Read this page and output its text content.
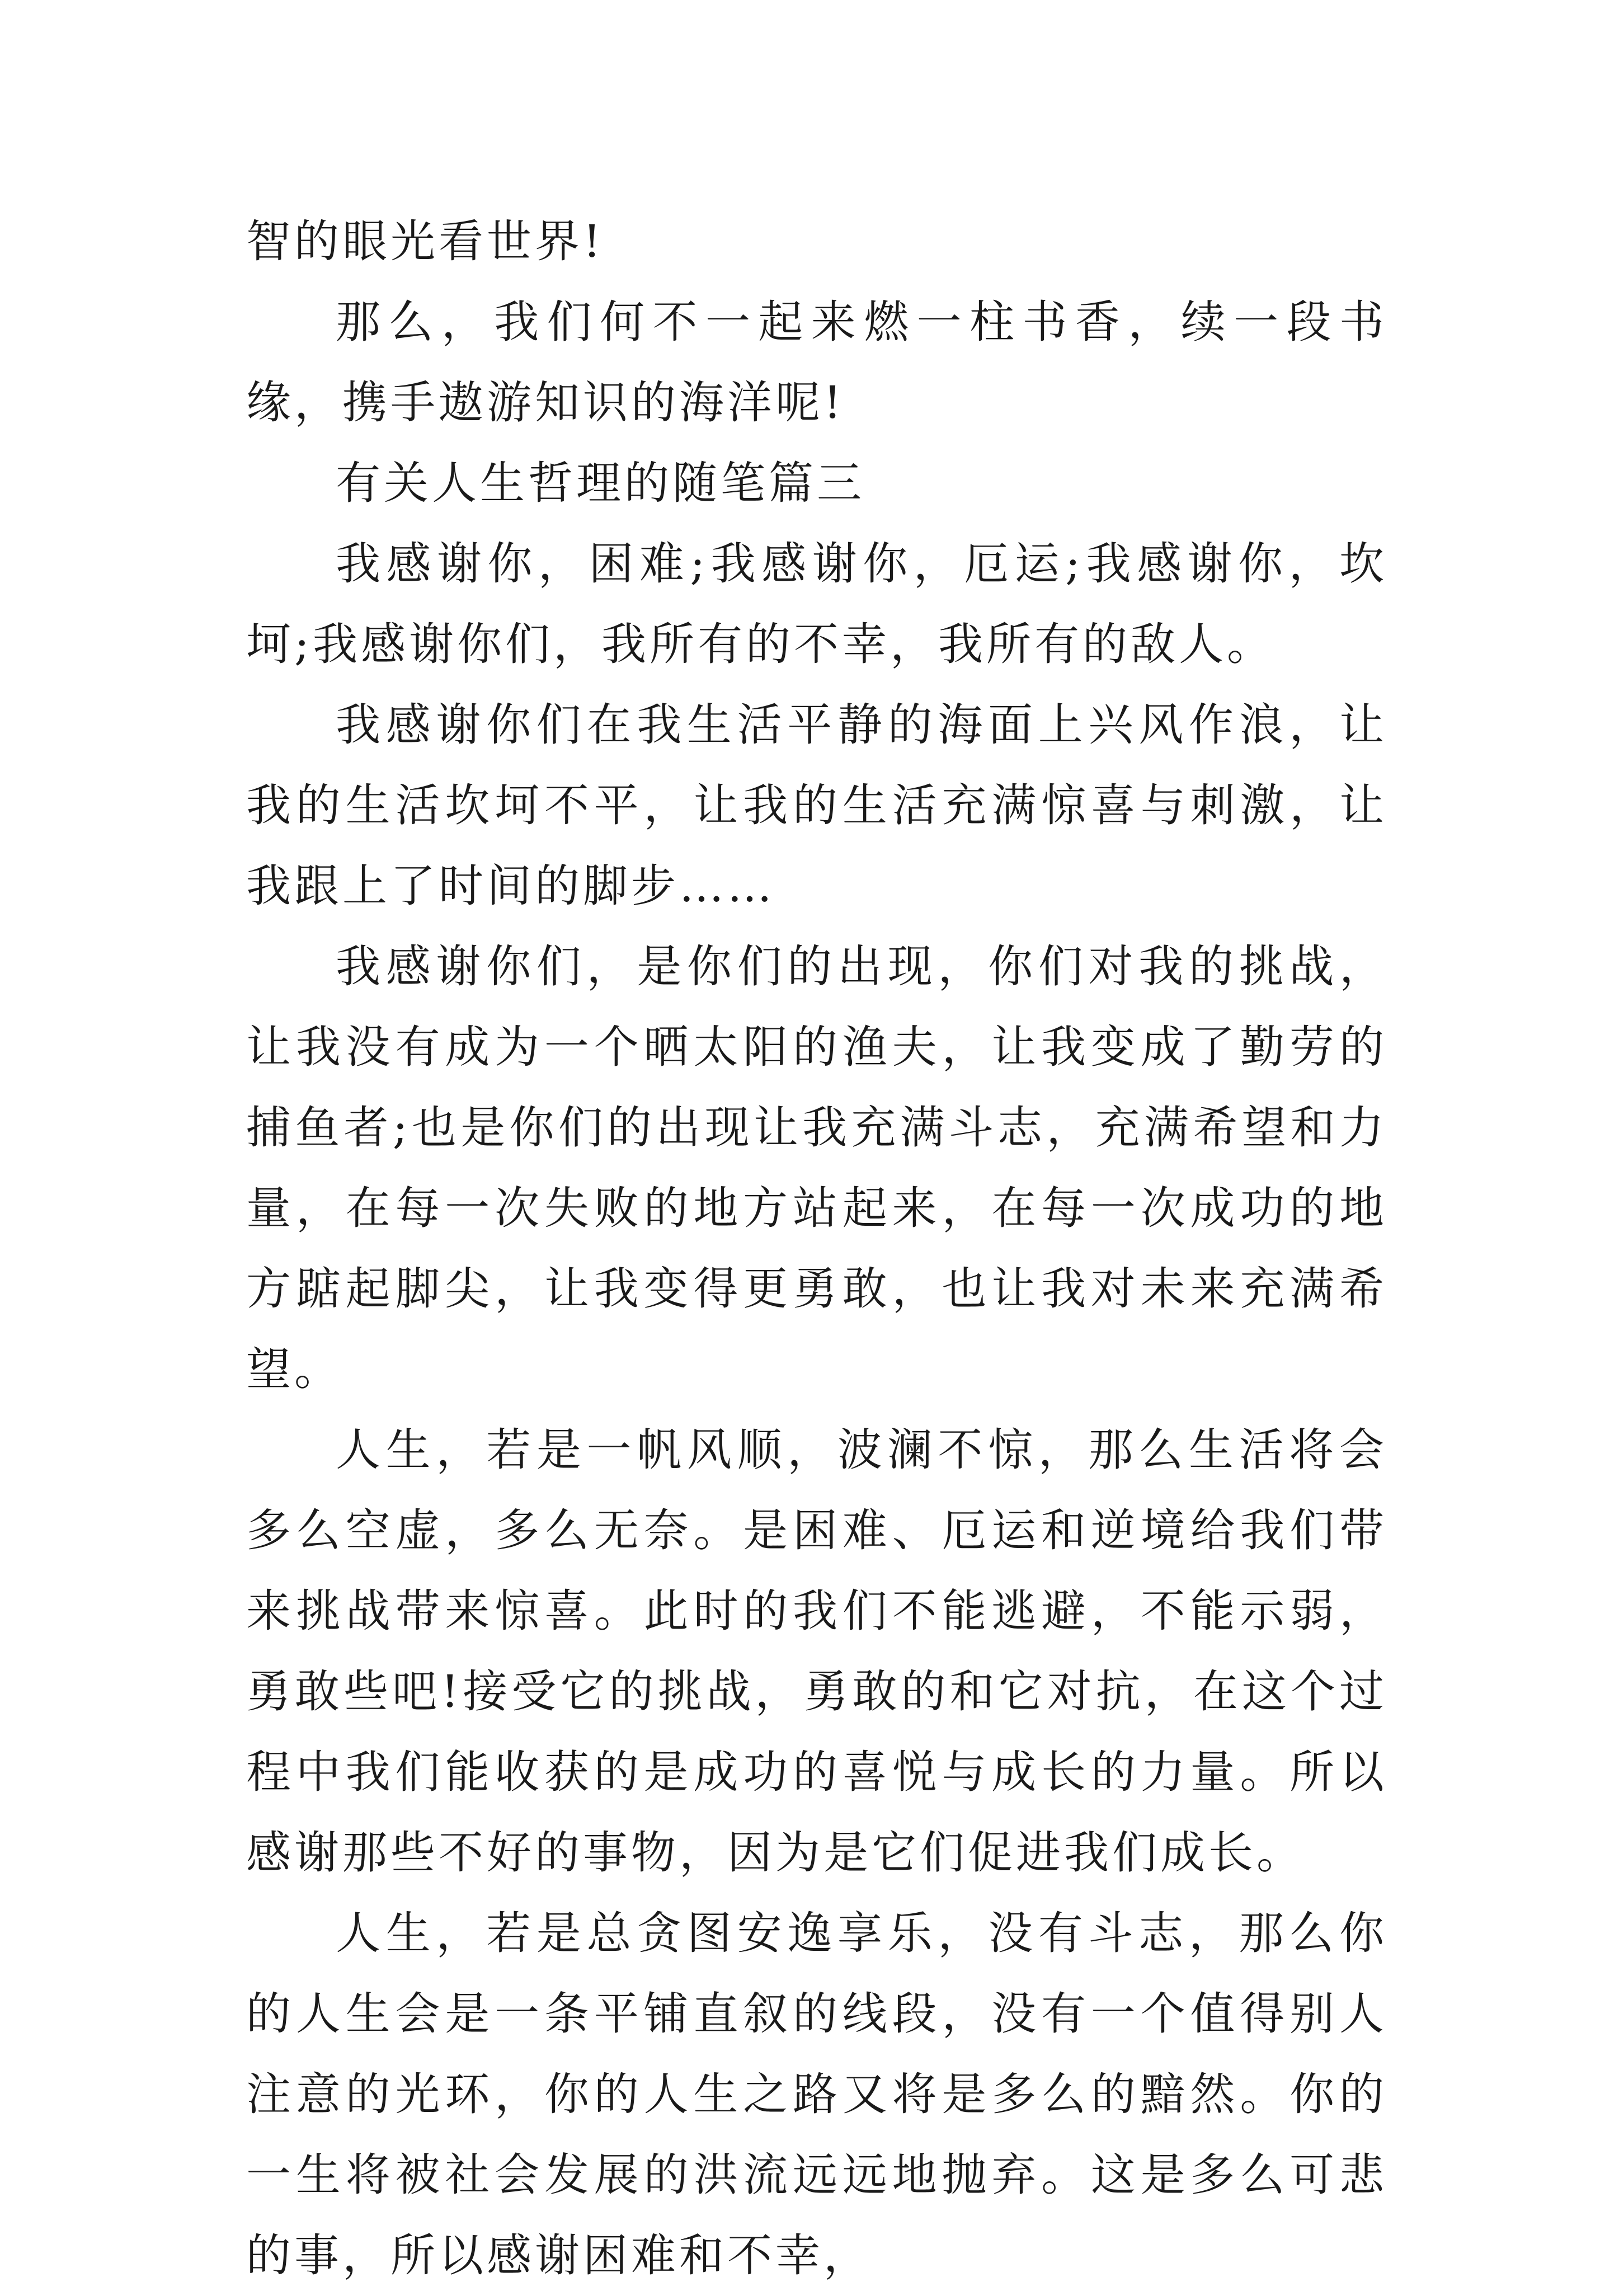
智的眼光看世界!

那么，我们何不一起来燃一柱书香，续一段书缘，携手遨游知识的海洋呢!

有关人生哲理的随笔篇三

我感谢你，困难;我感谢你，厄运;我感谢你，坎坷;我感谢你们，我所有的不幸，我所有的敌人。

我感谢你们在我生活平静的海面上兴风作浪，让我的生活坎坷不平，让我的生活充满惊喜与刺激，让我跟上了时间的脚步……

我感谢你们，是你们的出现，你们对我的挑战，让我没有成为一个晒太阳的渔夫，让我变成了勤劳的捕鱼者;也是你们的出现让我充满斗志，充满希望和力量，在每一次失败的地方站起来，在每一次成功的地方踮起脚尖，让我变得更勇敢，也让我对未来充满希望。

人生，若是一帆风顺，波澜不惊，那么生活将会多么空虚，多么无奈。是困难、厄运和逆境给我们带来挑战带来惊喜。此时的我们不能逃避，不能示弱，勇敢些吧!接受它的挑战，勇敢的和它对抗，在这个过程中我们能收获的是成功的喜悦与成长的力量。所以感谢那些不好的事物，因为是它们促进我们成长。

人生，若是总贪图安逸享乐，没有斗志，那么你的人生会是一条平铺直叙的线段，没有一个值得别人注意的光环，你的人生之路又将是多么的黯然。你的一生将被社会发展的洪流远远地抛弃。这是多么可悲的事，所以感谢困难和不幸，
